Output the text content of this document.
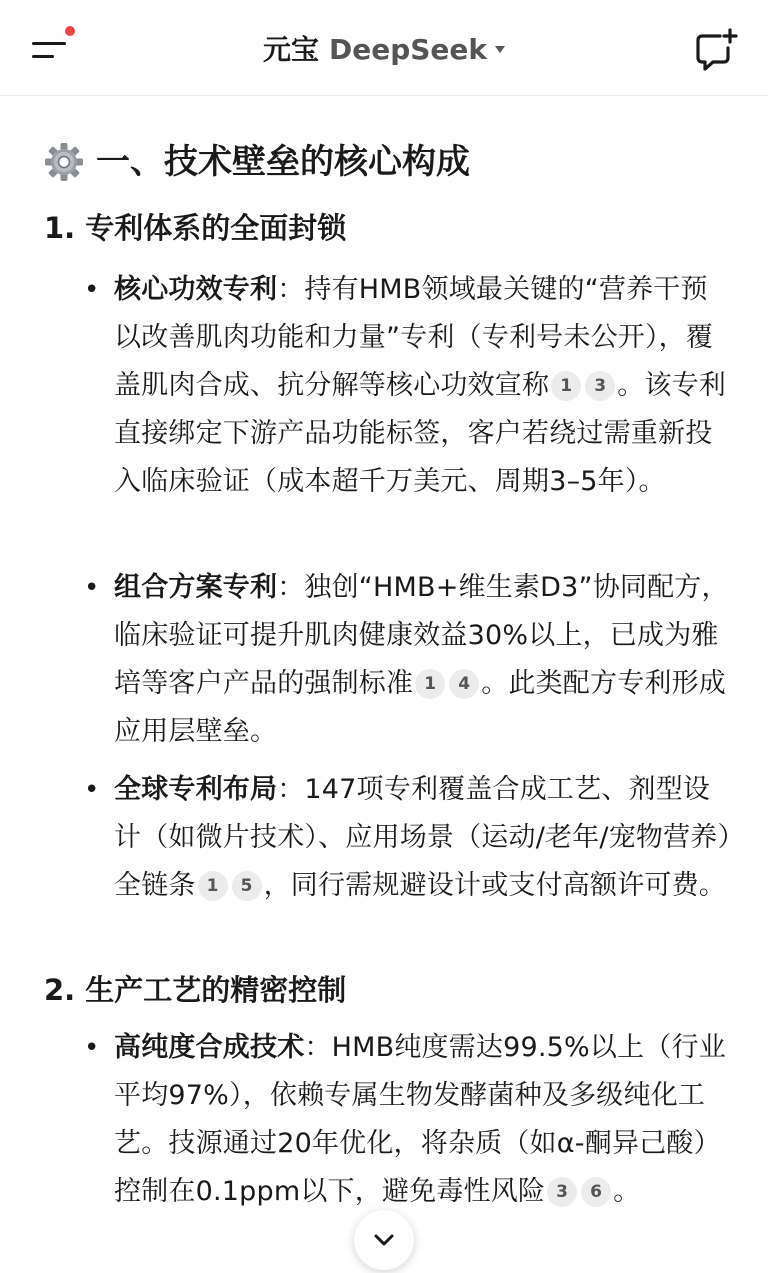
元宝 DeepSeek
一、技术壁垒的核心构成
1. 专利体系的全面封锁
• 核心功效专利：持有HMB领域最关键的“营养干预以改善肌肉功能和力量”专利（专利号未公开），覆盖肌肉合成、抗分解等核心功效宣称 1 3 。该专利直接绑定下游产品功能标签，客户若绕过需重新投入临床验证（成本超千万美元、周期3–5年）。
• 组合方案专利：独创“HMB+维生素D3”协同配方，临床验证可提升肌肉健康效益30%以上，已成为雅培等客户产品的强制标准 1 4 。此类配方专利形成应用层壁垒。
• 全球专利布局：147项专利覆盖合成工艺、剂型设计（如微片技术）、应用场景（运动/老年/宠物营养）全链条 1 5 ，同行需规避设计或支付高额许可费。
2. 生产工艺的精密控制
• 高纯度合成技术：HMB纯度需达99.5%以上（行业平均97%），依赖专属生物发酵菌种及多级纯化工艺。技源通过20年优化，将杂质（如α-酮异己酸）控制在0.1ppm以下，避免毒性风险 3 6 。
